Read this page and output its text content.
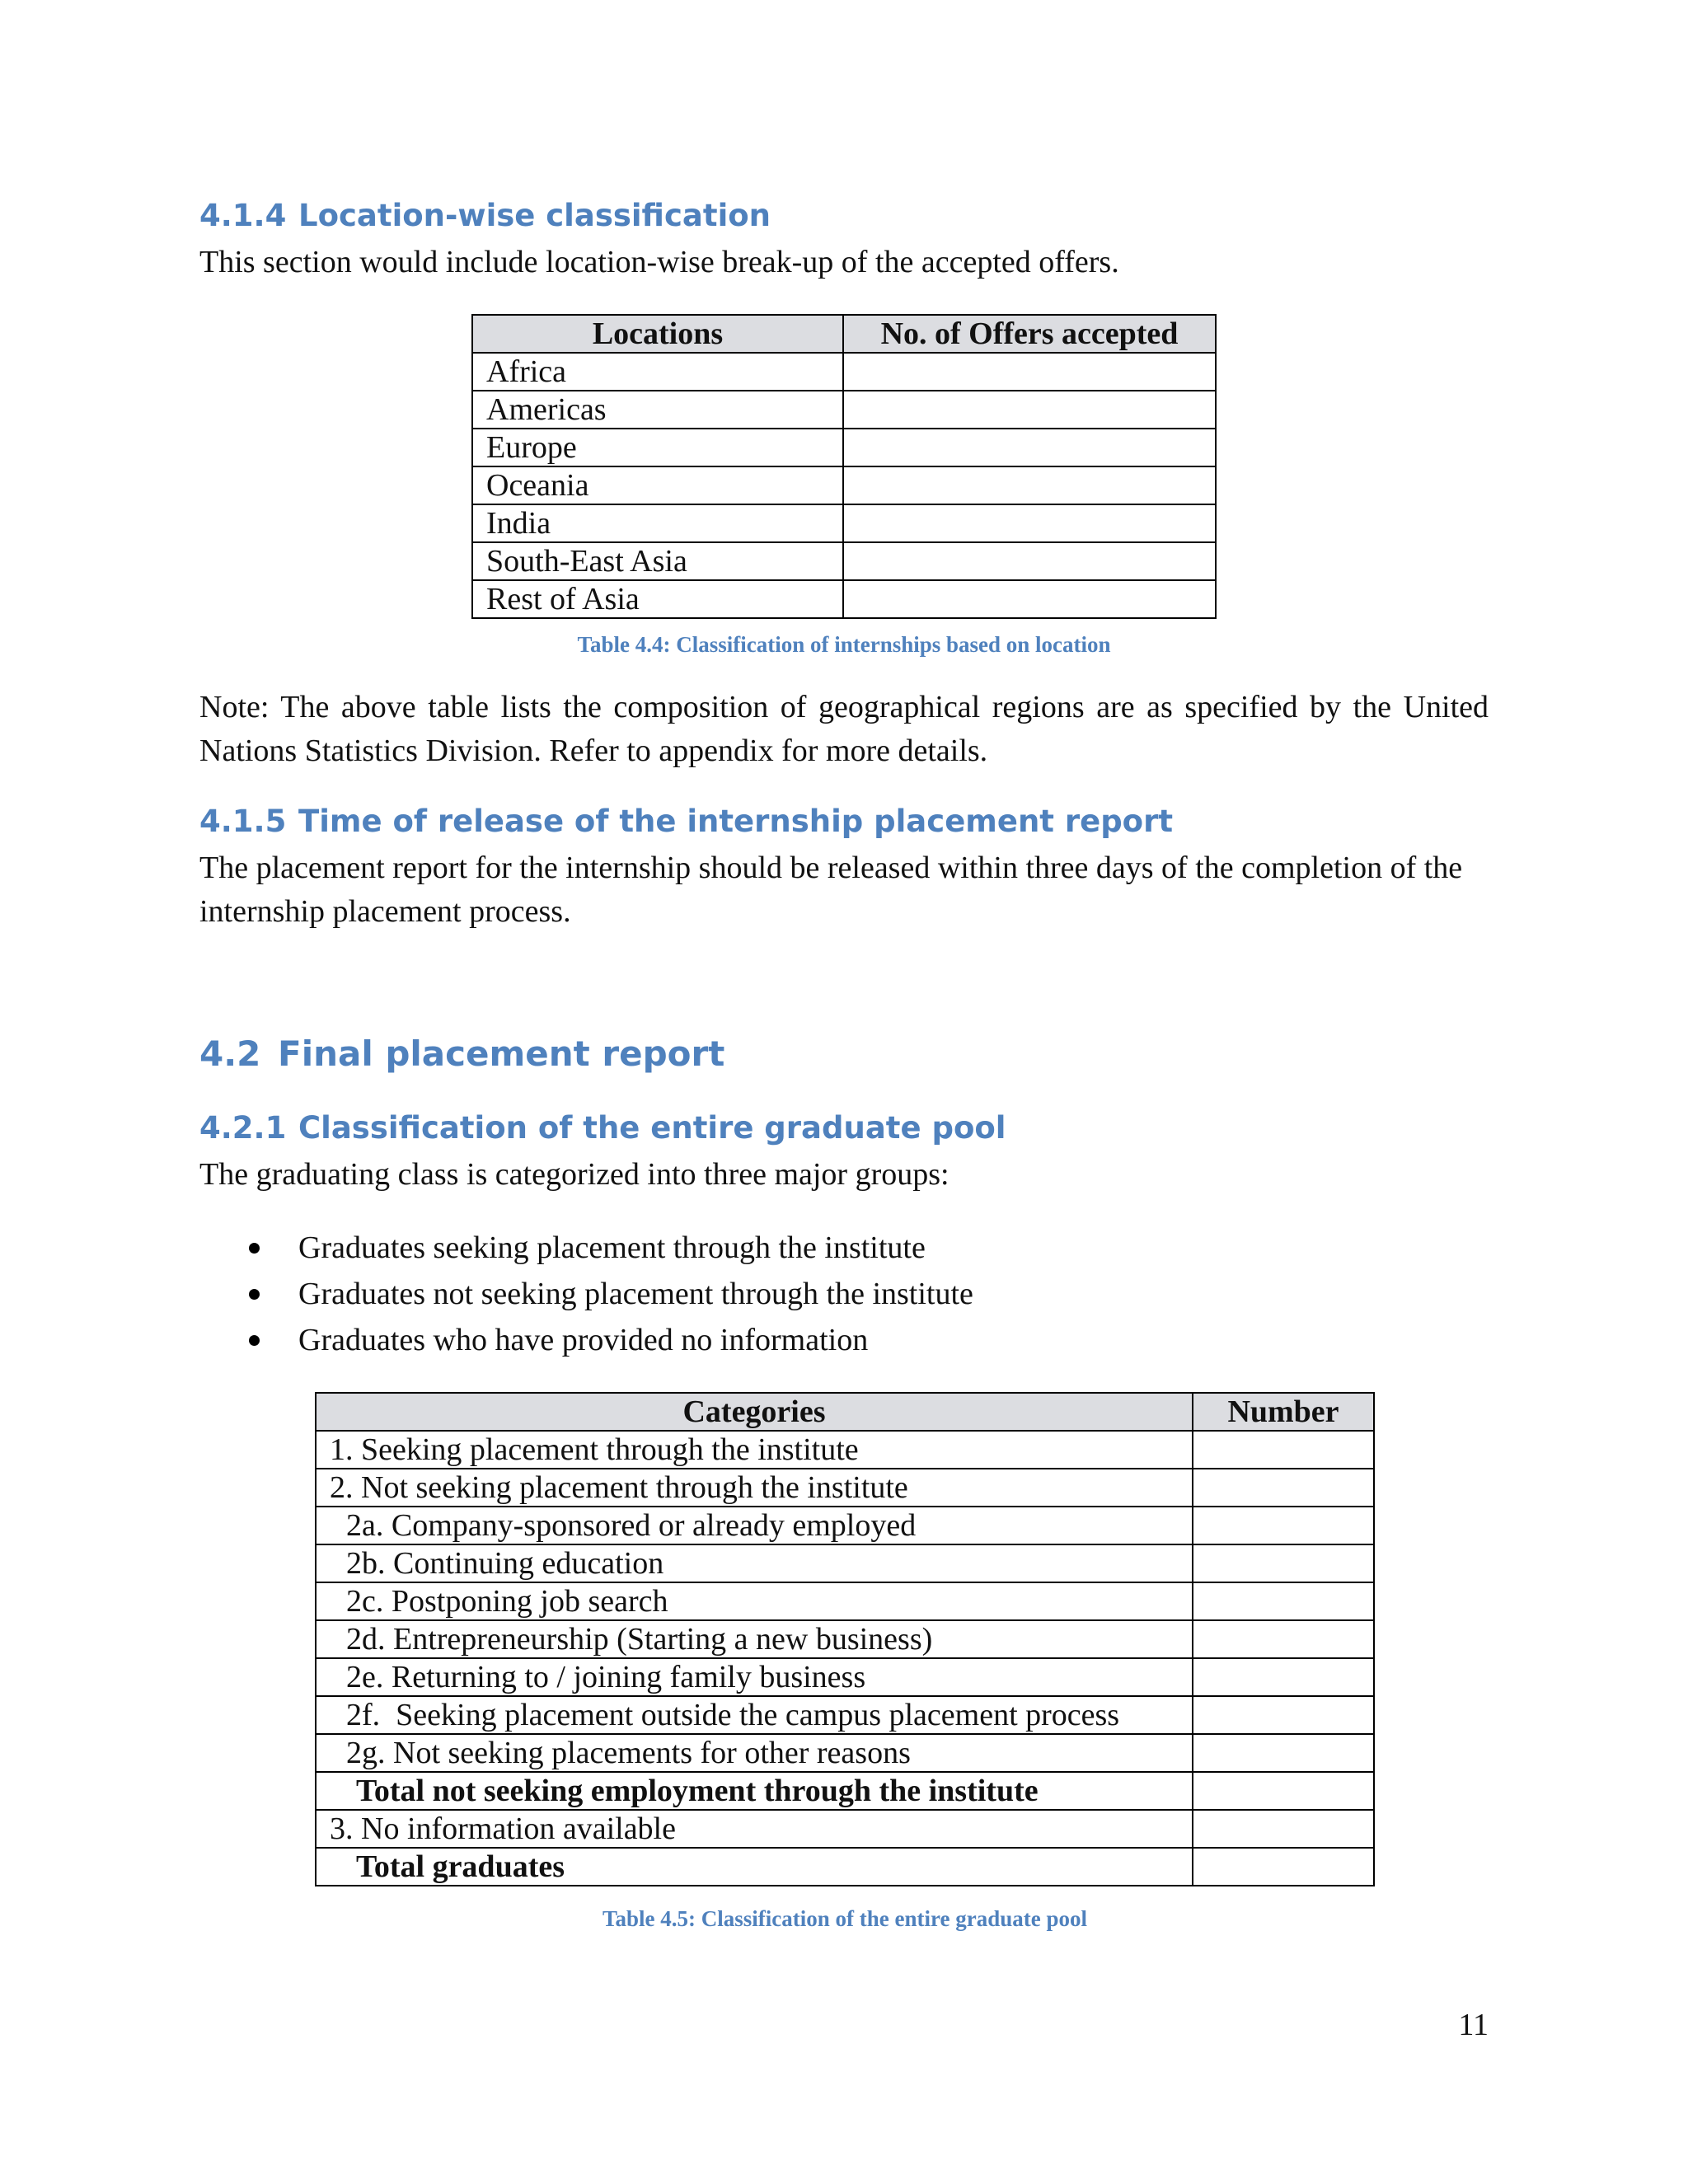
4.1.4 Location-wise classification

This section would include location-wise break-up of the accepted offers.

Locations	No. of Offers accepted
Africa	
Americas	
Europe	
Oceania	
India	
South-East Asia	
Rest of Asia	
Table 4.4: Classification of internships based on location

Note: The above table lists the composition of geographical regions are as specified by the United Nations Statistics Division. Refer to appendix for more details.

4.1.5 Time of release of the internship placement report

The placement report for the internship should be released within three days of the completion of the internship placement process.

4.2 Final placement report
4.2.1 Classification of the entire graduate pool

The graduating class is categorized into three major groups:

Graduates seeking placement through the institute
Graduates not seeking placement through the institute
Graduates who have provided no information
Categories	Number
1. Seeking placement through the institute	
2. Not seeking placement through the institute	
2a. Company-sponsored or already employed	
2b. Continuing education	
2c. Postponing job search	
2d. Entrepreneurship (Starting a new business)	
2e. Returning to / joining family business	
2f.  Seeking placement outside the campus placement process	
2g. Not seeking placements for other reasons	
Total not seeking employment through the institute	
3. No information available	
Total graduates	
Table 4.5: Classification of the entire graduate pool
11
